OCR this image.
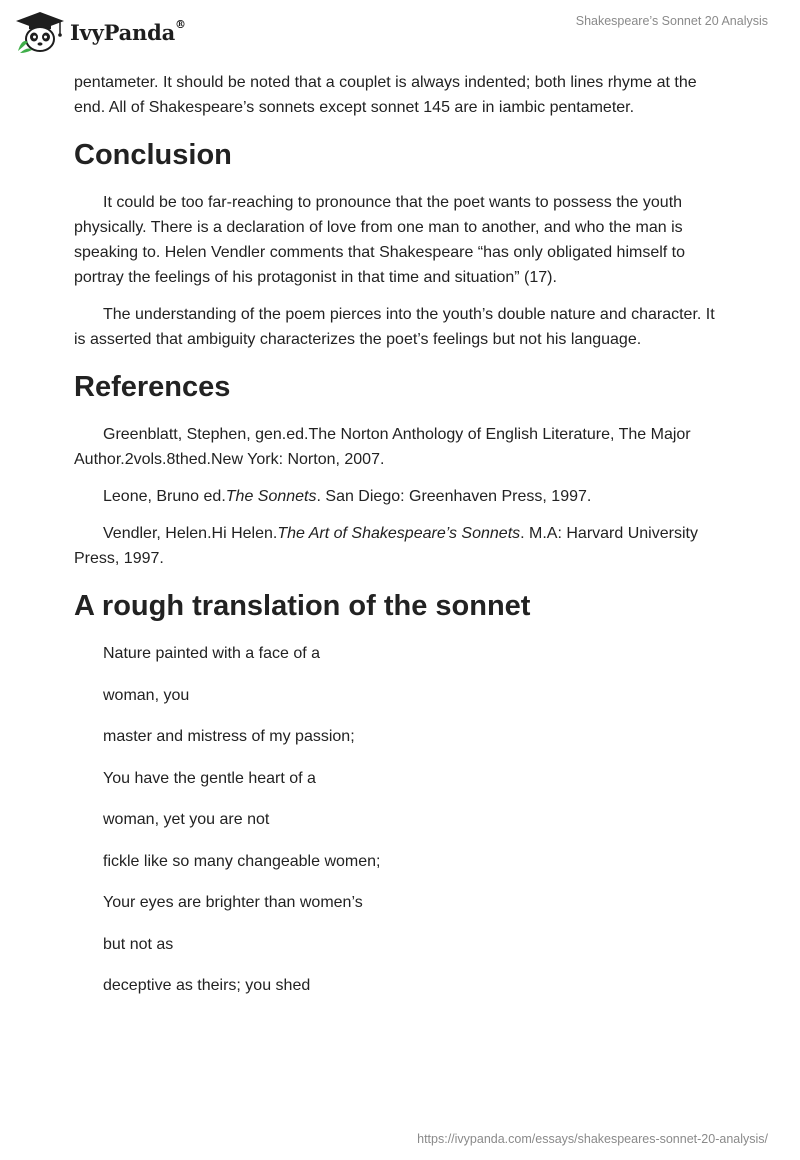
IvyPanda®	Shakespeare’s Sonnet 20 Analysis

pentameter. It should be noted that a couplet is always indented; both lines rhyme at the end. All of Shakespeare’s sonnets except sonnet 145 are in iambic pentameter.

Conclusion

It could be too far-reaching to pronounce that the poet wants to possess the youth physically. There is a declaration of love from one man to another, and who the man is speaking to. Helen Vendler comments that Shakespeare “has only obligated himself to portray the feelings of his protagonist in that time and situation” (17).

The understanding of the poem pierces into the youth’s double nature and character. It is asserted that ambiguity characterizes the poet’s feelings but not his language.

References

Greenblatt, Stephen, gen.ed.The Norton Anthology of English Literature, The Major Author.2vols.8thed.New York: Norton, 2007.

Leone, Bruno ed.The Sonnets. San Diego: Greenhaven Press, 1997.

Vendler, Helen.Hi Helen.The Art of Shakespeare’s Sonnets. M.A: Harvard University Press, 1997.

A rough translation of the sonnet

Nature painted with a face of a

woman, you

master and mistress of my passion;

You have the gentle heart of a

woman, yet you are not

fickle like so many changeable women;

Your eyes are brighter than women’s

but not as

deceptive as theirs; you shed

https://ivypanda.com/essays/shakespeares-sonnet-20-analysis/
